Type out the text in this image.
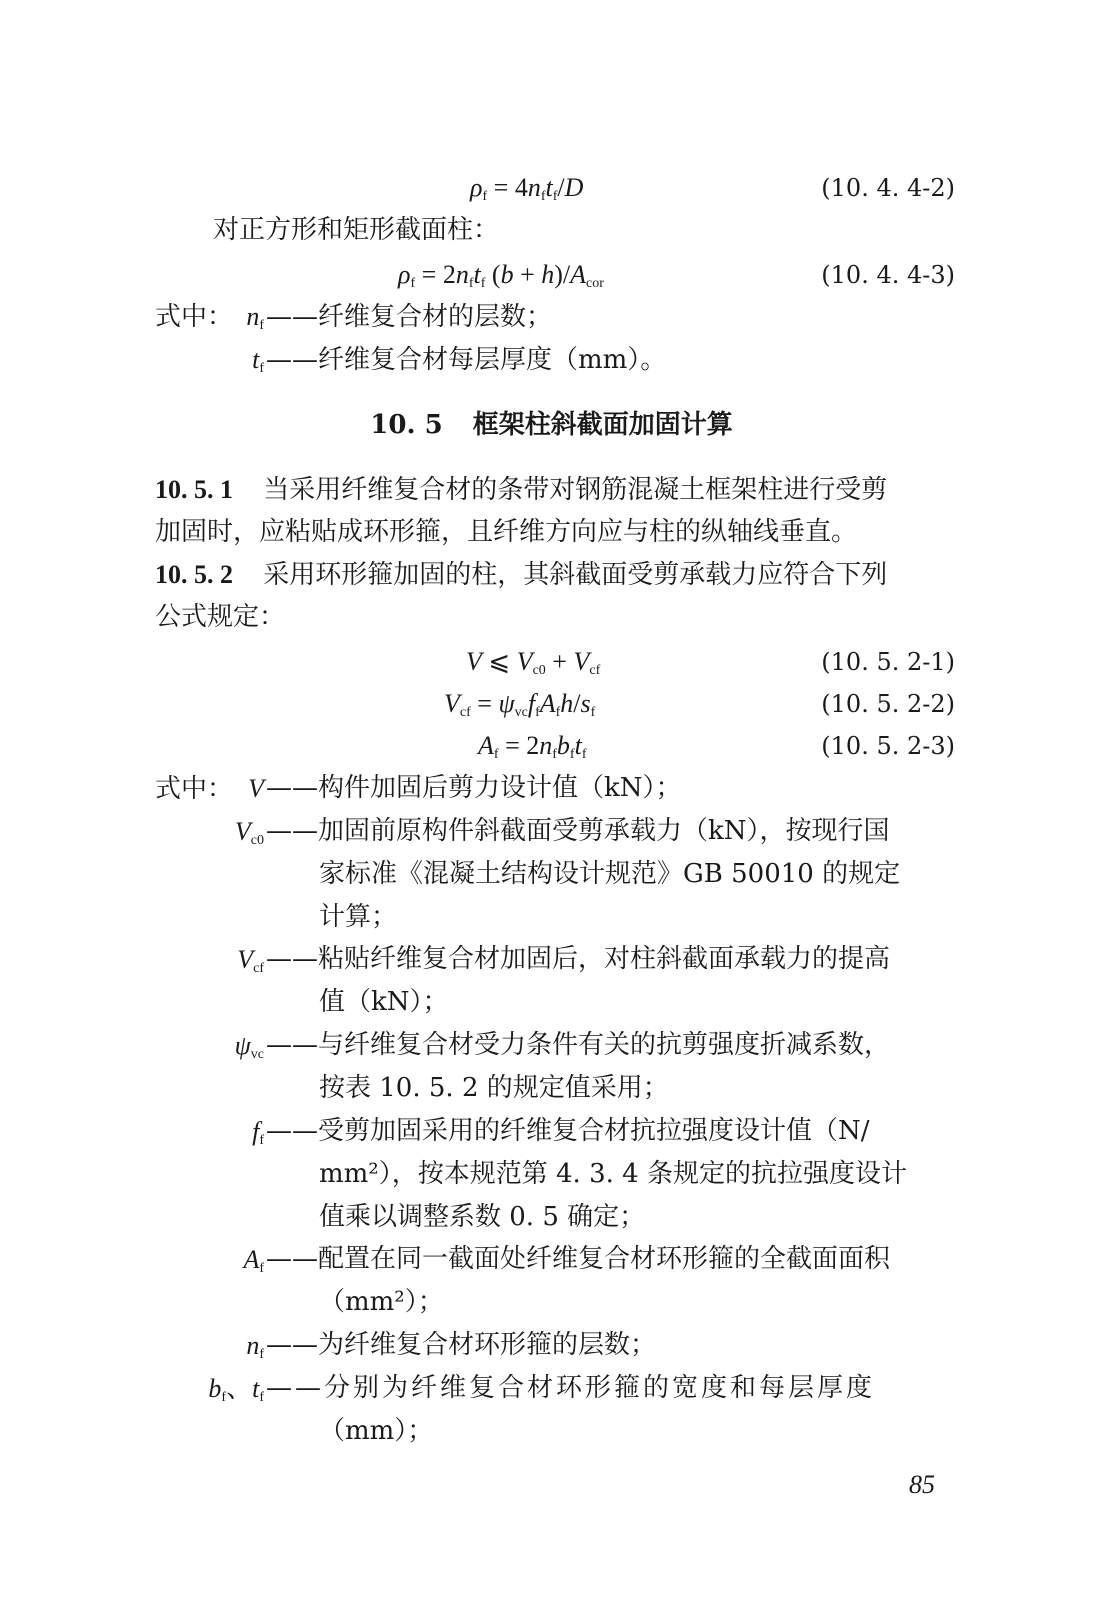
$\rho_f = 4n_ft_f/D$	(10. 4. 4-2)
对正方形和矩形截面柱：
$\rho_f = 2n_ft_f$ $(b + h)/A_{cor}$	(10. 4. 4-3)
式中： $n_f$ ——纤维复合材的层数；
$t_f$ ——纤维复合材每层厚度（mm）。
10. 5 框架柱斜截面加固计算
10. 5. 1 当采用纤维复合材的条带对钢筋混凝土框架柱进行受剪
加固时，应粘贴成环形箍，且纤维方向应与柱的纵轴线垂直。
10. 5. 2 采用环形箍加固的柱，其斜截面受剪承载力应符合下列
公式规定：
V ⩽ $V_{c0} + V_{cf}$	(10. 5. 2-1)
$V_{cf} = \psi_{vc}f_fA_fh/s_f$	(10. 5. 2-2)
$A_f = 2n_fb_ft_f$	(10. 5. 2-3)
式中： V ——构件加固后剪力设计值（kN）；
$V_{c0}$ ——加固前原构件斜截面受剪承载力（kN），按现行国
家标准《混凝土结构设计规范》GB 50010 的规定
计算；
$V_{cf}$ ——粘贴纤维复合材加固后，对柱斜截面承载力的提高
值（kN）；
$\psi_{vc}$ ——与纤维复合材受力条件有关的抗剪强度折减系数，
按表 10. 5. 2 的规定值采用；
$f_f$ ——受剪加固采用的纤维复合材抗拉强度设计值（N/
mm²），按本规范第 4. 3. 4 条规定的抗拉强度设计
值乘以调整系数 0. 5 确定；
$A_f$ ——配置在同一截面处纤维复合材环形箍的全截面面积
（mm²）；
$n_f$ ——为纤维复合材环形箍的层数；
$b_f$、$t_f$ ——分别为纤维复合材环形箍的宽度和每层厚度
（mm）；
85
